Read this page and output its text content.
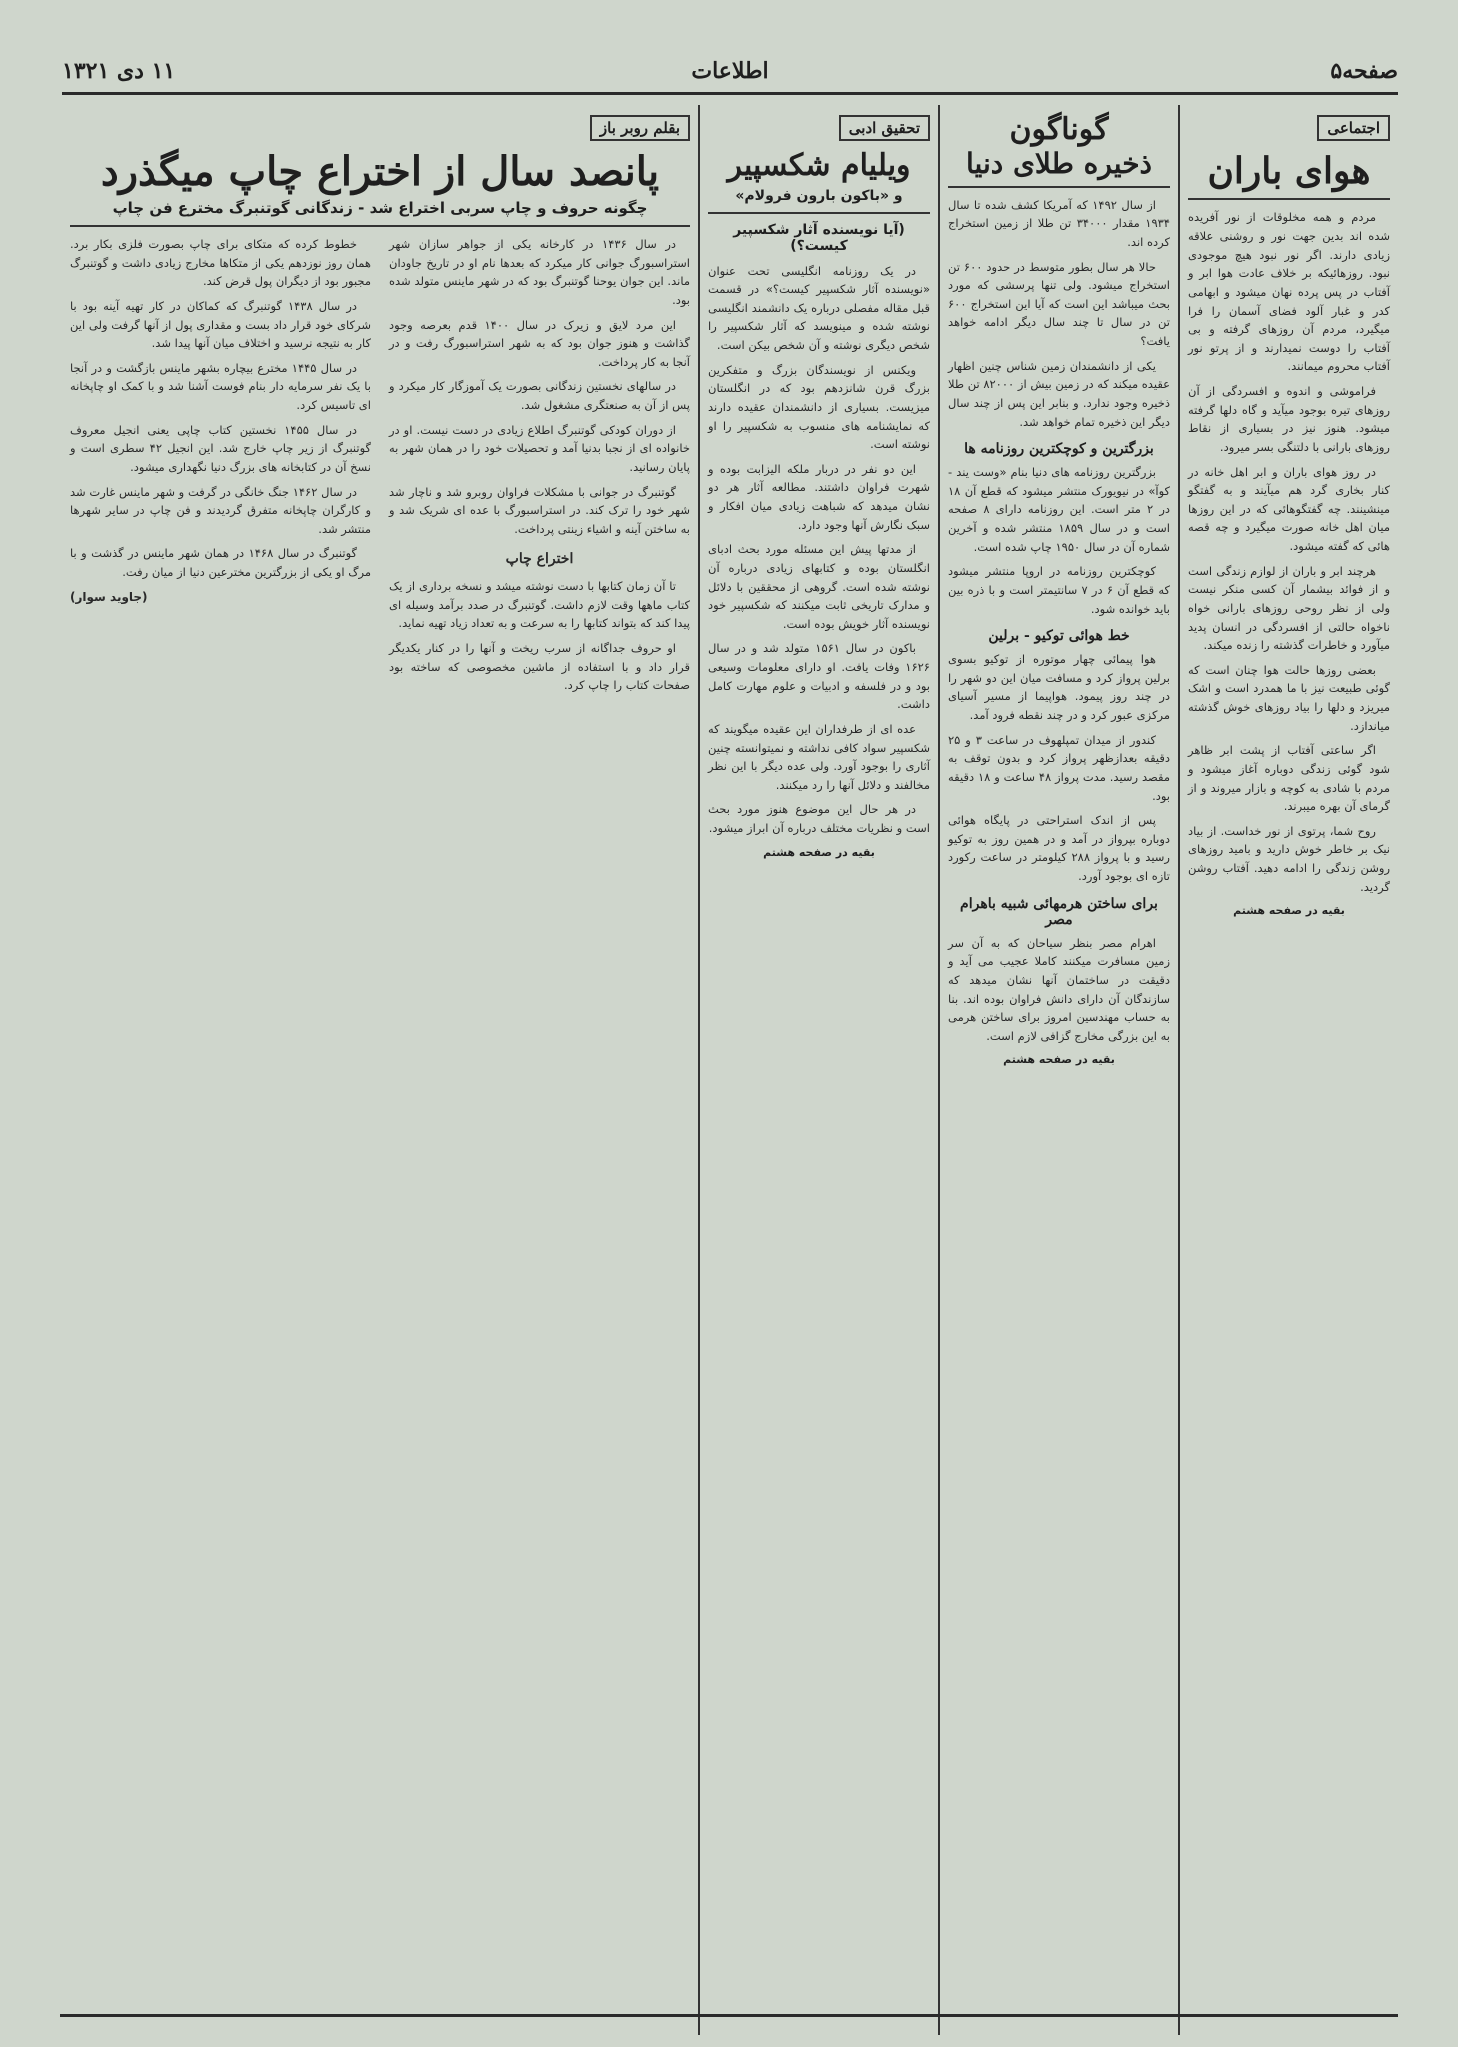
صفحه۵
اطلاعات
۱۱ دی ۱۳۲۱
اجتماعی
هوای باران

مردم و همه مخلوقات از نور آفریده شده اند بدین جهت نور و روشنی علاقه زیادی دارند. اگر نور نبود هیچ موجودی نبود. روزهائیکه بر خلاف عادت هوا ابر و آفتاب در پس پرده نهان میشود و ابهامی کدر و غبار آلود فضای آسمان را فرا میگیرد، مردم آن روزهای گرفته و بی آفتاب را دوست نمیدارند و از پرتو نور آفتاب محروم میمانند.

فراموشی و اندوه و افسردگی از آن روزهای تیره بوجود میآید و گاه دلها گرفته میشود. هنوز نیز در بسیاری از نقاط روزهای بارانی با دلتنگی بسر میرود.

در روز هوای باران و ابر اهل خانه در کنار بخاری گرد هم میآیند و به گفتگو مینشینند. چه گفتگوهائی که در این روزها میان اهل خانه صورت میگیرد و چه قصه هائی که گفته میشود.

هرچند ابر و باران از لوازم زندگی است و از فوائد بیشمار آن کسی منکر نیست ولی از نظر روحی روزهای بارانی خواه ناخواه حالتی از افسردگی در انسان پدید میآورد و خاطرات گذشته را زنده میکند.

بعضی روزها حالت هوا چنان است که گوئی طبیعت نیز با ما همدرد است و اشک میریزد و دلها را بیاد روزهای خوش گذشته میاندازد.

اگر ساعتی آفتاب از پشت ابر ظاهر شود گوئی زندگی دوباره آغاز میشود و مردم با شادی به کوچه و بازار میروند و از گرمای آن بهره میبرند.

روح شما، پرتوی از نور خداست. از بیاد نیک بر خاطر خوش دارید و بامید روزهای روشن زندگی را ادامه دهید. آفتاب روشن گردید.

بقیه در صفحه هشتم
گوناگون
ذخیره طلای دنیا

از سال ۱۴۹۲ که آمریکا کشف شده تا سال ۱۹۳۴ مقدار ۳۴۰۰۰ تن طلا از زمین استخراج کرده اند.

حالا هر سال بطور متوسط در حدود ۶۰۰ تن استخراج میشود. ولی تنها پرسشی که مورد بحث میباشد این است که آیا این استخراج ۶۰۰ تن در سال تا چند سال دیگر ادامه خواهد یافت؟

یکی از دانشمندان زمین شناس چنین اظهار عقیده میکند که در زمین بیش از ۸۲۰۰۰ تن طلا ذخیره وجود ندارد. و بنابر این پس از چند سال دیگر این ذخیره تمام خواهد شد.

بزرگترین و کوچکترین روزنامه ها

بزرگترین روزنامه های دنیا بنام «وست یند - کوآ» در نیویورک منتشر میشود که قطع آن ۱۸ در ۲ متر است. این روزنامه دارای ۸ صفحه است و در سال ۱۸۵۹ منتشر شده و آخرین شماره آن در سال ۱۹۵۰ چاپ شده است.

کوچکترین روزنامه در اروپا منتشر میشود که قطع آن ۶ در ۷ سانتیمتر است و با ذره بین باید خوانده شود.

خط هوائی توکیو - برلین

هوا پیمائی چهار موتوره از توکیو بسوی برلین پرواز کرد و مسافت میان این دو شهر را در چند روز پیمود. هواپیما از مسیر آسیای مرکزی عبور کرد و در چند نقطه فرود آمد.

کندور از میدان تمپلهوف در ساعت ۳ و ۲۵ دقیقه بعدازظهر پرواز کرد و بدون توقف به مقصد رسید. مدت پرواز ۴۸ ساعت و ۱۸ دقیقه بود.

پس از اندک استراحتی در پایگاه هوائی دوباره بپرواز در آمد و در همین روز به توکیو رسید و با پرواز ۲۸۸ کیلومتر در ساعت رکورد تازه ای بوجود آورد.

برای ساختن هرمهائی شبیه باهرام مصر

اهرام مصر بنظر سیاحان که به آن سر زمین مسافرت میکنند کاملا عجیب می آید و دقیقت در ساختمان آنها نشان میدهد که سازندگان آن دارای دانش فراوان بوده اند. بنا به حساب مهندسین امروز برای ساختن هرمی به این بزرگی مخارج گزافی لازم است.

بقیه در صفحه هشتم
تحقیق ادبی
ویلیام شکسپیر
و «باکون بارون فرولام»
(آیا نویسنده آثار شکسپیر کیست؟)

در یک روزنامه انگلیسی تحت عنوان «نویسنده آثار شکسپیر کیست؟» در قسمت قبل مقاله مفصلی درباره یک دانشمند انگلیسی نوشته شده و مینویسد که آثار شکسپیر را شخص دیگری نوشته و آن شخص بیکن است.

ویکنس از نویسندگان بزرگ و متفکرین بزرگ قرن شانزدهم بود که در انگلستان میزیست. بسیاری از دانشمندان عقیده دارند که نمایشنامه های منسوب به شکسپیر را او نوشته است.

این دو نفر در دربار ملکه الیزابت بوده و شهرت فراوان داشتند. مطالعه آثار هر دو نشان میدهد که شباهت زیادی میان افکار و سبک نگارش آنها وجود دارد.

از مدتها پیش این مسئله مورد بحث ادبای انگلستان بوده و کتابهای زیادی درباره آن نوشته شده است. گروهی از محققین با دلائل و مدارک تاریخی ثابت میکنند که شکسپیر خود نویسنده آثار خویش بوده است.

باکون در سال ۱۵۶۱ متولد شد و در سال ۱۶۲۶ وفات یافت. او دارای معلومات وسیعی بود و در فلسفه و ادبیات و علوم مهارت کامل داشت.

عده ای از طرفداران این عقیده میگویند که شکسپیر سواد کافی نداشته و نمیتوانسته چنین آثاری را بوجود آورد. ولی عده دیگر با این نظر مخالفند و دلائل آنها را رد میکنند.

در هر حال این موضوع هنوز مورد بحث است و نظریات مختلف درباره آن ابراز میشود.

بقیه در صفحه هشتم
بقلم روبر باز
پانصد سال از اختراع چاپ میگذرد
چگونه حروف و چاپ سربی اختراع شد - زندگانی گوتنبرگ مخترع فن چاپ

در سال ۱۴۳۶ در کارخانه یکی از جواهر سازان شهر استراسبورگ جوانی کار میکرد که بعدها نام او در تاریخ جاودان ماند. این جوان یوحنا گوتنبرگ بود که در شهر ماینس متولد شده بود.

این مرد لایق و زیرک در سال ۱۴۰۰ قدم بعرصه وجود گذاشت و هنوز جوان بود که به شهر استراسبورگ رفت و در آنجا به کار پرداخت.

در سالهای نخستین زندگانی بصورت یک آموزگار کار میکرد و پس از آن به صنعتگری مشغول شد.

از دوران کودکی گوتنبرگ اطلاع زیادی در دست نیست. او در خانواده ای از نجبا بدنیا آمد و تحصیلات خود را در همان شهر به پایان رسانید.

گوتنبرگ در جوانی با مشکلات فراوان روبرو شد و ناچار شد شهر خود را ترک کند. در استراسبورگ با عده ای شریک شد و به ساختن آینه و اشیاء زینتی پرداخت.

اختراع چاپ

تا آن زمان کتابها با دست نوشته میشد و نسخه برداری از یک کتاب ماهها وقت لازم داشت. گوتنبرگ در صدد برآمد وسیله ای پیدا کند که بتواند کتابها را به سرعت و به تعداد زیاد تهیه نماید.

او حروف جداگانه از سرب ریخت و آنها را در کنار یکدیگر قرار داد و با استفاده از ماشین مخصوصی که ساخته بود صفحات کتاب را چاپ کرد.

خطوط کرده که متکای برای چاپ بصورت فلزی بکار برد. همان روز نوزدهم یکی از متکاها مخارج زیادی داشت و گوتنبرگ مجبور بود از دیگران پول قرض کند.

در سال ۱۴۳۸ گوتنبرگ که کماکان در کار تهیه آینه بود با شرکای خود قرار داد بست و مقداری پول از آنها گرفت ولی این کار به نتیجه نرسید و اختلاف میان آنها پیدا شد.

در سال ۱۴۴۵ مخترع بیچاره بشهر ماینس بازگشت و در آنجا با یک نفر سرمایه دار بنام فوست آشنا شد و با کمک او چاپخانه ای تاسیس کرد.

در سال ۱۴۵۵ نخستین کتاب چاپی یعنی انجیل معروف گوتنبرگ از زیر چاپ خارج شد. این انجیل ۴۲ سطری است و نسخ آن در کتابخانه های بزرگ دنیا نگهداری میشود.

در سال ۱۴۶۲ جنگ خانگی در گرفت و شهر ماینس غارت شد و کارگران چاپخانه متفرق گردیدند و فن چاپ در سایر شهرها منتشر شد.

گوتنبرگ در سال ۱۴۶۸ در همان شهر ماینس در گذشت و با مرگ او یکی از بزرگترین مخترعین دنیا از میان رفت.

(جاوید سوار)
